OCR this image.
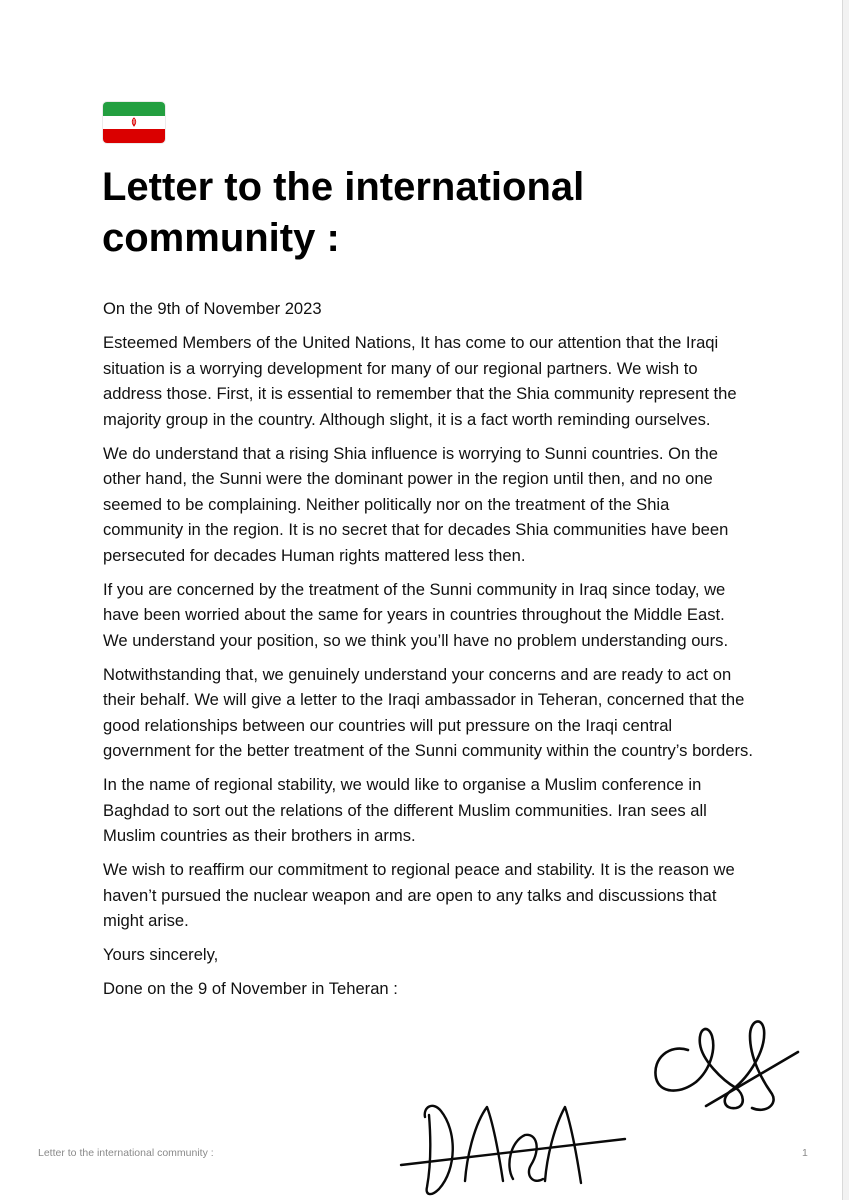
Letter to the international community :

On the 9th of November 2023

Esteemed Members of the United Nations, It has come to our attention that the Iraqi situation is a worrying development for many of our regional partners. We wish to address those. First, it is essential to remember that the Shia community represent the majority group in the country. Although slight, it is a fact worth reminding ourselves.

We do understand that a rising Shia influence is worrying to Sunni countries. On the other hand, the Sunni were the dominant power in the region until then, and no one seemed to be complaining. Neither politically nor on the treatment of the Shia community in the region. It is no secret that for decades Shia communities have been persecuted for decades Human rights mattered less then.

If you are concerned by the treatment of the Sunni community in Iraq since today, we have been worried about the same for years in countries throughout the Middle East. We understand your position, so we think you’ll have no problem understanding ours.

Notwithstanding that, we genuinely understand your concerns and are ready to act on their behalf. We will give a letter to the Iraqi ambassador in Teheran, concerned that the good relationships between our countries will put pressure on the Iraqi central government for the better treatment of the Sunni community within the country’s borders.

In the name of regional stability, we would like to organise a Muslim conference in Baghdad to sort out the relations of the different Muslim communities. Iran sees all Muslim countries as their brothers in arms.

We wish to reaffirm our commitment to regional peace and stability. It is the reason we haven’t pursued the nuclear weapon and are open to any talks and discussions that might arise.

Yours sincerely,

Done on the 9 of November in Teheran :

Letter to the international community :	1
